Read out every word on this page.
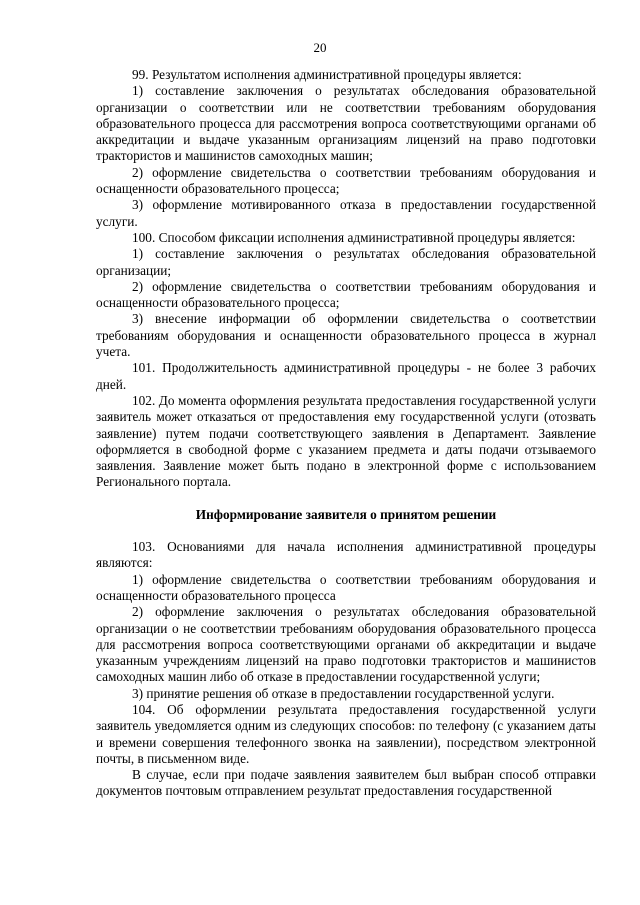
20

99. Результатом исполнения административной процедуры является:

1) составление заключения о результатах обследования образовательной организации о соответствии или не соответствии требованиям оборудования образовательного процесса для рассмотрения вопроса соответствующими органами об аккредитации и выдаче указанным организациям лицензий на право подготовки трактористов и машинистов самоходных машин;

2) оформление свидетельства о соответствии требованиям оборудования и оснащенности образовательного процесса;

3) оформление мотивированного отказа в предоставлении государственной услуги.

100. Способом фиксации исполнения административной процедуры является:

1) составление заключения о результатах обследования образовательной организации;

2) оформление свидетельства о соответствии требованиям оборудования и оснащенности образовательного процесса;

3) внесение информации об оформлении свидетельства о соответствии требованиям оборудования и оснащенности образовательного процесса в журнал учета.

101. Продолжительность административной процедуры - не более 3 рабочих дней.

102. До момента оформления результата предоставления государственной услуги заявитель может отказаться от предоставления ему государственной услуги (отозвать заявление) путем подачи соответствующего заявления в Департамент. Заявление оформляется в свободной форме с указанием предмета и даты подачи отзываемого заявления. Заявление может быть подано в электронной форме с использованием Регионального портала.

Информирование заявителя о принятом решении

103. Основаниями для начала исполнения административной процедуры являются:

1) оформление свидетельства о соответствии требованиям оборудования и оснащенности образовательного процесса

2) оформление заключения о результатах обследования образовательной организации о не соответствии требованиям оборудования образовательного процесса для рассмотрения вопроса соответствующими органами об аккредитации и выдаче указанным учреждениям лицензий на право подготовки трактористов и машинистов самоходных машин либо об отказе в предоставлении государственной услуги;

3) принятие решения об отказе в предоставлении государственной услуги.

104. Об оформлении результата предоставления государственной услуги заявитель уведомляется одним из следующих способов: по телефону (с указанием даты и времени совершения телефонного звонка на заявлении), посредством электронной почты, в письменном виде.

В случае, если при подаче заявления заявителем был выбран способ отправки документов почтовым отправлением результат предоставления государственной
